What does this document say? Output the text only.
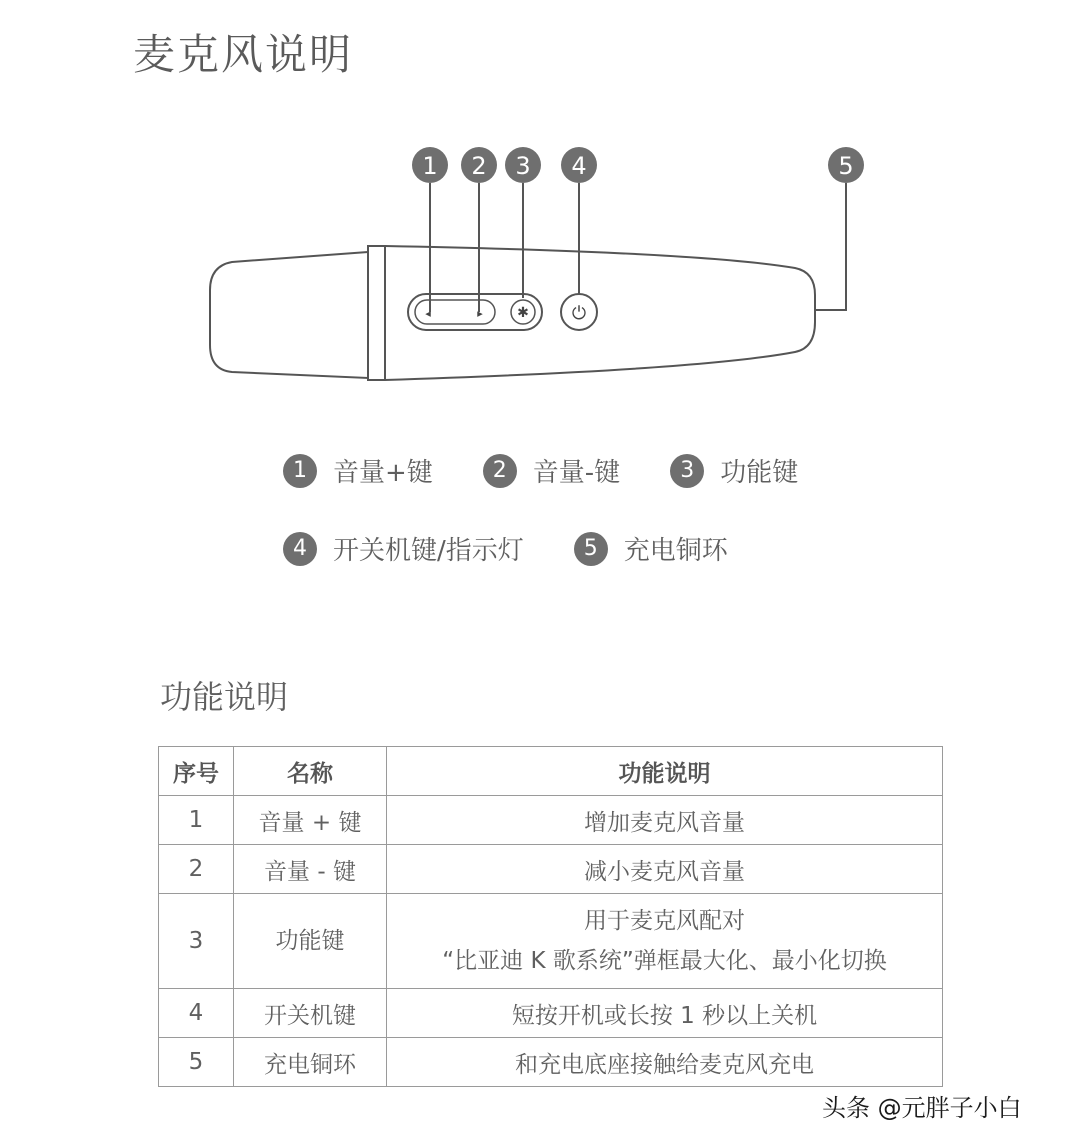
麦克风说明
◂	▸ ✱ ⏻
1 2 3 4	5
1	音量+键	2	音量-键	3	功能键
4	开关机键/指示灯	5	充电铜环
功能说明
序号	名称	功能说明
1	音量 + 键	增加麦克风音量
2	音量 - 键	减小麦克风音量
3	功能键	用于麦克风配对
“比亚迪 K 歌系统”弹框最大化、最小化切换

4	开关机键	短按开机或长按 1 秒以上关机
5	充电铜环	和充电底座接触给麦克风充电
头条 @元胖子小白
